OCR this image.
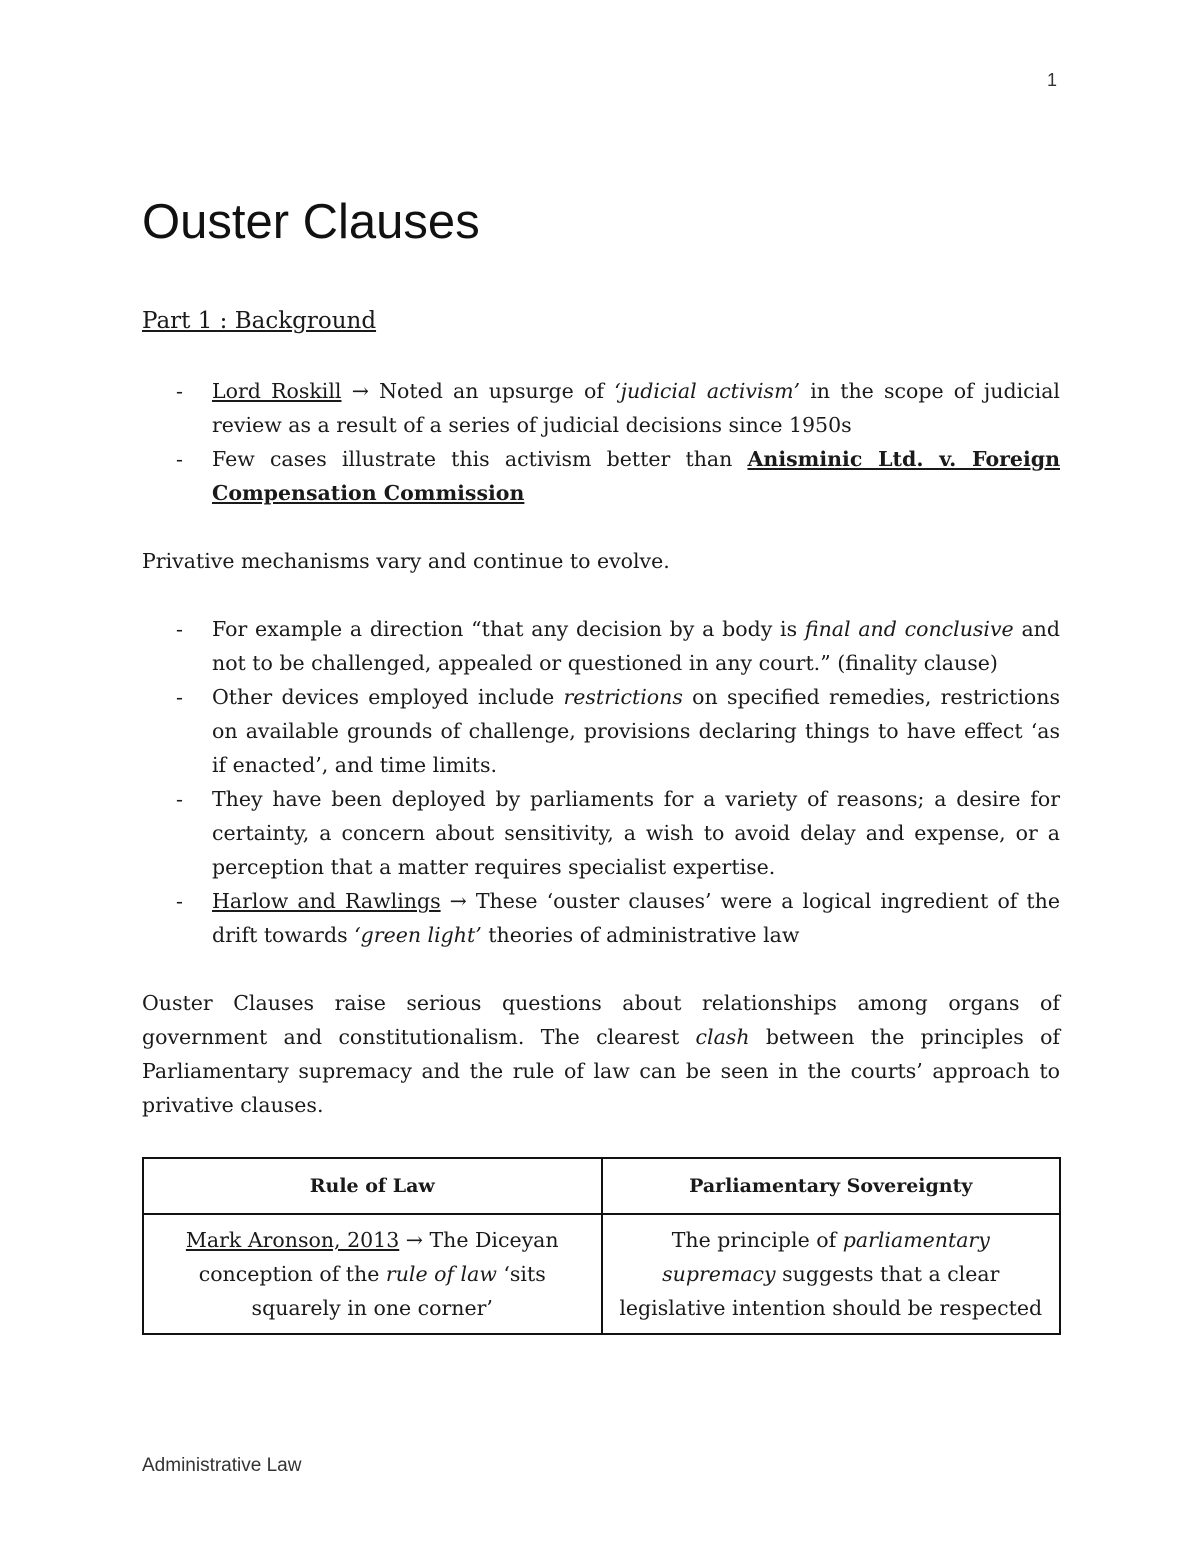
1
Ouster Clauses
Part 1 : Background
- Lord Roskill → Noted an upsurge of ‘judicial activism’ in the scope of judicial review as a result of a series of judicial decisions since 1950s
- Few cases illustrate this activism better than Anisminic Ltd. v. Foreign Compensation Commission

Privative mechanisms vary and continue to evolve.

- For example a direction “that any decision by a body is final and conclusive and not to be challenged, appealed or questioned in any court.” (finality clause)
- Other devices employed include restrictions on specified remedies, restrictions on available grounds of challenge, provisions declaring things to have effect ‘as if enacted’, and time limits.
- They have been deployed by parliaments for a variety of reasons; a desire for certainty, a concern about sensitivity, a wish to avoid delay and expense, or a perception that a matter requires specialist expertise.
- Harlow and Rawlings → These ‘ouster clauses’ were a logical ingredient of the drift towards ‘green light’ theories of administrative law

Ouster Clauses raise serious questions about relationships among organs of government and constitutionalism. The clearest clash between the principles of Parliamentary supremacy and the rule of law can be seen in the courts’ approach to privative clauses.

Rule of Law	Parliamentary Sovereignty
Mark Aronson, 2013 → The Diceyan conception of the rule of law ‘sits squarely in one corner’	The principle of parliamentary supremacy suggests that a clear legislative intention should be respected
Administrative Law
